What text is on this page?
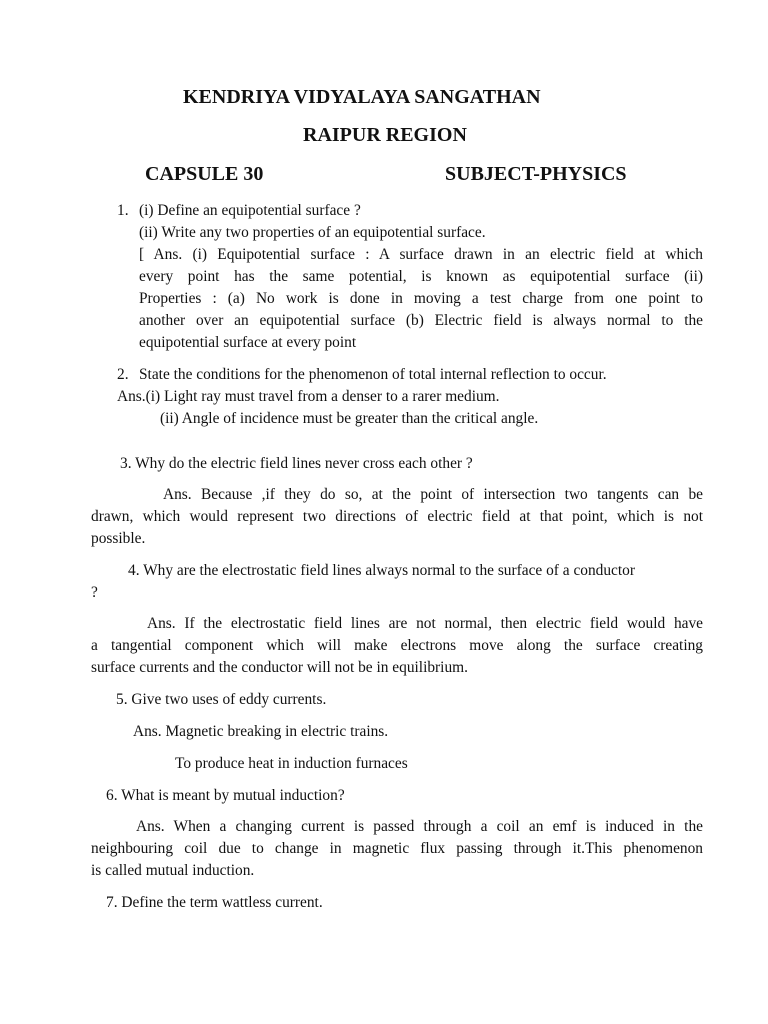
KENDRIYA VIDYALAYA SANGATHAN
RAIPUR REGION
CAPSULE 30	SUBJECT-PHYSICS
1. (i) Define an equipotential surface ?
(ii) Write any two properties of an equipotential surface.
[ Ans. (i) Equipotential surface : A surface drawn in an electric field at which
every point has the same potential, is known as equipotential surface (ii)
Properties : (a) No work is done in moving a test charge from one point to
another over an equipotential surface (b) Electric field is always normal to the
equipotential surface at every point
2. State the conditions for the phenomenon of total internal reflection to occur.
Ans.(i) Light ray must travel from a denser to a rarer medium.
(ii) Angle of incidence must be greater than the critical angle.
3. Why do the electric field lines never cross each other ?
Ans. Because ,if they do so, at the point of intersection two tangents can be
drawn, which would represent two directions of electric field at that point, which is not
possible.
4. Why are the electrostatic field lines always normal to the surface of a conductor
?
Ans. If the electrostatic field lines are not normal, then electric field would have
a tangential component which will make electrons move along the surface creating
surface currents and the conductor will not be in equilibrium.
5. Give two uses of eddy currents.
Ans. Magnetic breaking in electric trains.
To produce heat in induction furnaces
6. What is meant by mutual induction?
Ans. When a changing current is passed through a coil an emf is induced in the
neighbouring coil due to change in magnetic flux passing through it.This phenomenon
is called mutual induction.
7. Define the term wattless current.
